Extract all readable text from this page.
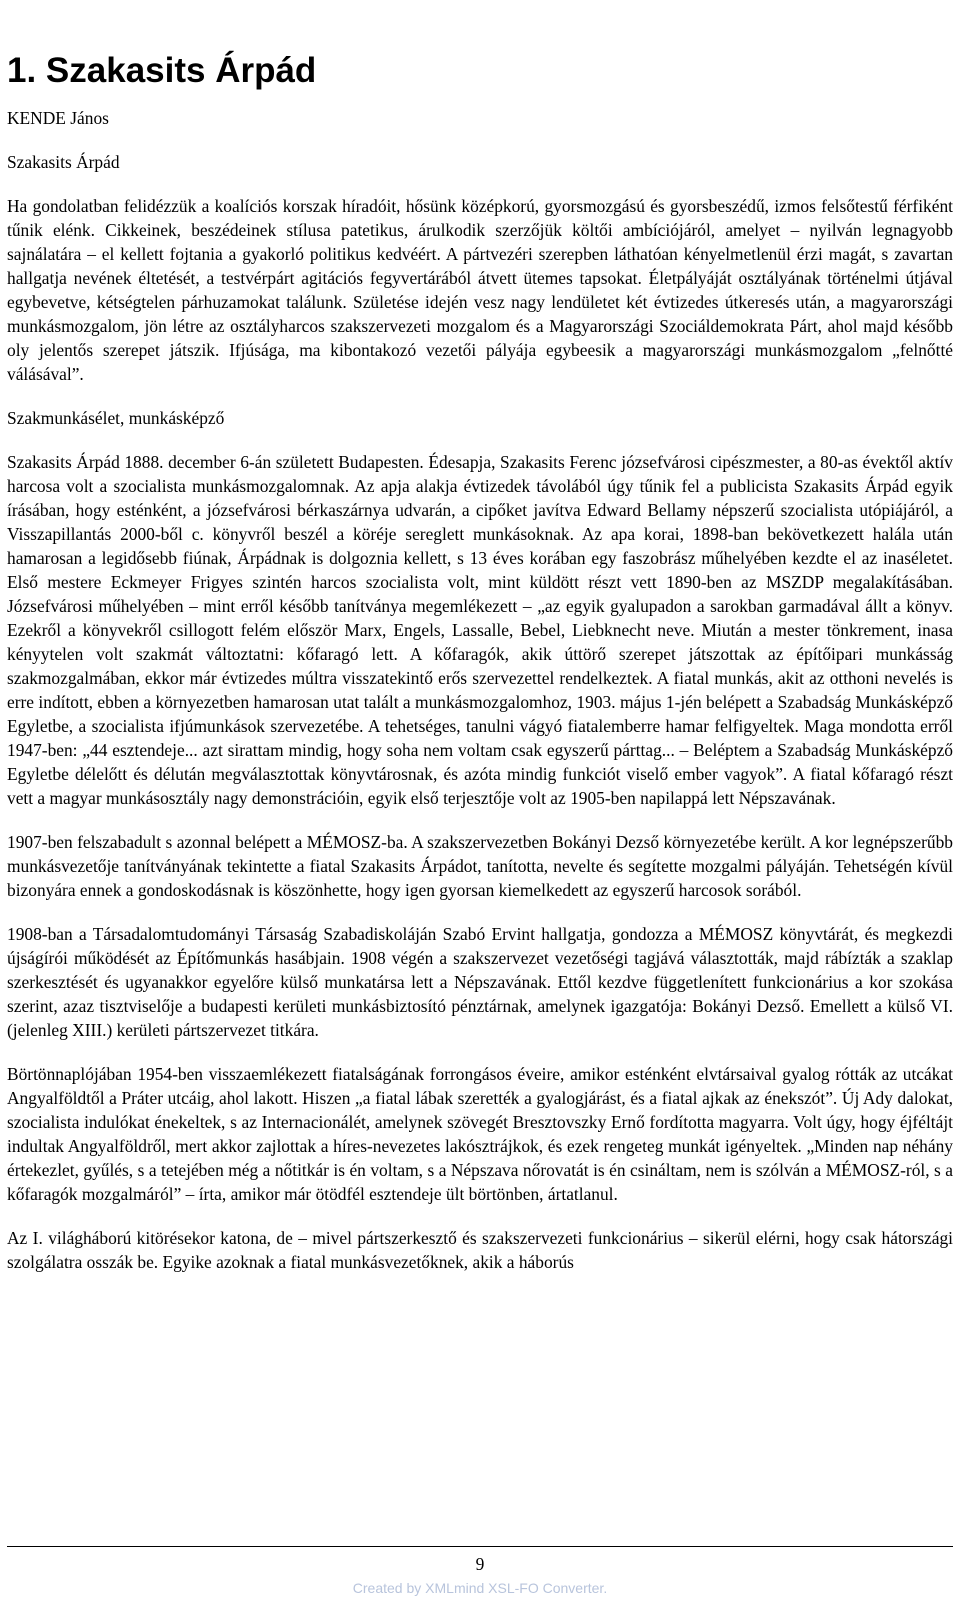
1. Szakasits Árpád
KENDE János
Szakasits Árpád

Ha gondolatban felidézzük a koalíciós korszak híradóit, hősünk középkorú, gyorsmozgású és gyorsbeszédű, izmos felsőtestű férfiként tűnik elénk. Cikkeinek, beszédeinek stílusa patetikus, árulkodik szerzőjük költői ambíciójáról, amelyet – nyilván legnagyobb sajnálatára – el kellett fojtania a gyakorló politikus kedvéért. A pártvezéri szerepben láthatóan kényelmetlenül érzi magát, s zavartan hallgatja nevének éltetését, a testvérpárt agitációs fegyvertárából átvett ütemes tapsokat. Életpályáját osztályának történelmi útjával egybevetve, kétségtelen párhuzamokat találunk. Születése idején vesz nagy lendületet két évtizedes útkeresés után, a magyarországi munkásmozgalom, jön létre az osztályharcos szakszervezeti mozgalom és a Magyarországi Szociáldemokrata Párt, ahol majd később oly jelentős szerepet játszik. Ifjúsága, ma kibontakozó vezetői pályája egybeesik a magyarországi munkásmozgalom „felnőtté válásával”.

Szakmunkásélet, munkásképző

Szakasits Árpád 1888. december 6-án született Budapesten. Édesapja, Szakasits Ferenc józsefvárosi cipészmester, a 80-as évektől aktív harcosa volt a szocialista munkásmozgalomnak. Az apja alakja évtizedek távolából úgy tűnik fel a publicista Szakasits Árpád egyik írásában, hogy esténként, a józsefvárosi bérkaszárnya udvarán, a cipőket javítva Edward Bellamy népszerű szocialista utópiájáról, a Visszapillantás 2000-ből c. könyvről beszél a köréje sereglett munkásoknak. Az apa korai, 1898-ban bekövetkezett halála után hamarosan a legidősebb fiúnak, Árpádnak is dolgoznia kellett, s 13 éves korában egy faszobrász műhelyében kezdte el az inaséletet. Első mestere Eckmeyer Frigyes szintén harcos szocialista volt, mint küldött részt vett 1890-ben az MSZDP megalakításában. Józsefvárosi műhelyében – mint erről később tanítványa megemlékezett – „az egyik gyalupadon a sarokban garmadával állt a könyv. Ezekről a könyvekről csillogott felém először Marx, Engels, Lassalle, Bebel, Liebknecht neve. Miután a mester tönkrement, inasa kényytelen volt szakmát változtatni: kőfaragó lett. A kőfaragók, akik úttörő szerepet játszottak az építőipari munkásság szakmozgalmában, ekkor már évtizedes múltra visszatekintő erős szervezettel rendelkeztek. A fiatal munkás, akit az otthoni nevelés is erre indított, ebben a környezetben hamarosan utat talált a munkásmozgalomhoz, 1903. május 1-jén belépett a Szabadság Munkásképző Egyletbe, a szocialista ifjúmunkások szervezetébe. A tehetséges, tanulni vágyó fiatalemberre hamar felfigyeltek. Maga mondotta erről 1947-ben: „44 esztendeje... azt sirattam mindig, hogy soha nem voltam csak egyszerű párttag... – Beléptem a Szabadság Munkásképző Egyletbe délelőtt és délután megválasztottak könyvtárosnak, és azóta mindig funkciót viselő ember vagyok”. A fiatal kőfaragó részt vett a magyar munkásosztály nagy demonstrációin, egyik első terjesztője volt az 1905-ben napilappá lett Népszavának.

1907-ben felszabadult s azonnal belépett a MÉMOSZ-ba. A szakszervezetben Bokányi Dezső környezetébe került. A kor legnépszerűbb munkásvezetője tanítványának tekintette a fiatal Szakasits Árpádot, tanította, nevelte és segítette mozgalmi pályáján. Tehetségén kívül bizonyára ennek a gondoskodásnak is köszönhette, hogy igen gyorsan kiemelkedett az egyszerű harcosok sorából.

1908-ban a Társadalomtudományi Társaság Szabadiskoláján Szabó Ervint hallgatja, gondozza a MÉMOSZ könyvtárát, és megkezdi újságírói működését az Építőmunkás hasábjain. 1908 végén a szakszervezet vezetőségi tagjává választották, majd rábízták a szaklap szerkesztését és ugyanakkor egyelőre külső munkatársa lett a Népszavának. Ettől kezdve függetlenített funkcionárius a kor szokása szerint, azaz tisztviselője a budapesti kerületi munkásbiztosító pénztárnak, amelynek igazgatója: Bokányi Dezső. Emellett a külső VI. (jelenleg XIII.) kerületi pártszervezet titkára.

Börtönnaplójában 1954-ben visszaemlékezett fiatalságának forrongásos éveire, amikor esténként elvtársaival gyalog rótták az utcákat Angyalföldtől a Práter utcáig, ahol lakott. Hiszen „a fiatal lábak szerették a gyalogjárást, és a fiatal ajkak az énekszót”. Új Ady dalokat, szocialista indulókat énekeltek, s az Internacionálét, amelynek szövegét Bresztovszky Ernő fordította magyarra. Volt úgy, hogy éjféltájt indultak Angyalföldről, mert akkor zajlottak a híres-nevezetes lakósztrájkok, és ezek rengeteg munkát igényeltek. „Minden nap néhány értekezlet, gyűlés, s a tetejében még a nőtitkár is én voltam, s a Népszava nőrovatát is én csináltam, nem is szólván a MÉMOSZ-ról, s a kőfaragók mozgalmáról” – írta, amikor már ötödfél esztendeje ült börtönben, ártatlanul.

Az I. világháború kitörésekor katona, de – mivel pártszerkesztő és szakszervezeti funkcionárius – sikerül elérni, hogy csak hátországi szolgálatra osszák be. Egyike azoknak a fiatal munkásvezetőknek, akik a háborús

9
Created by XMLmind XSL-FO Converter.
